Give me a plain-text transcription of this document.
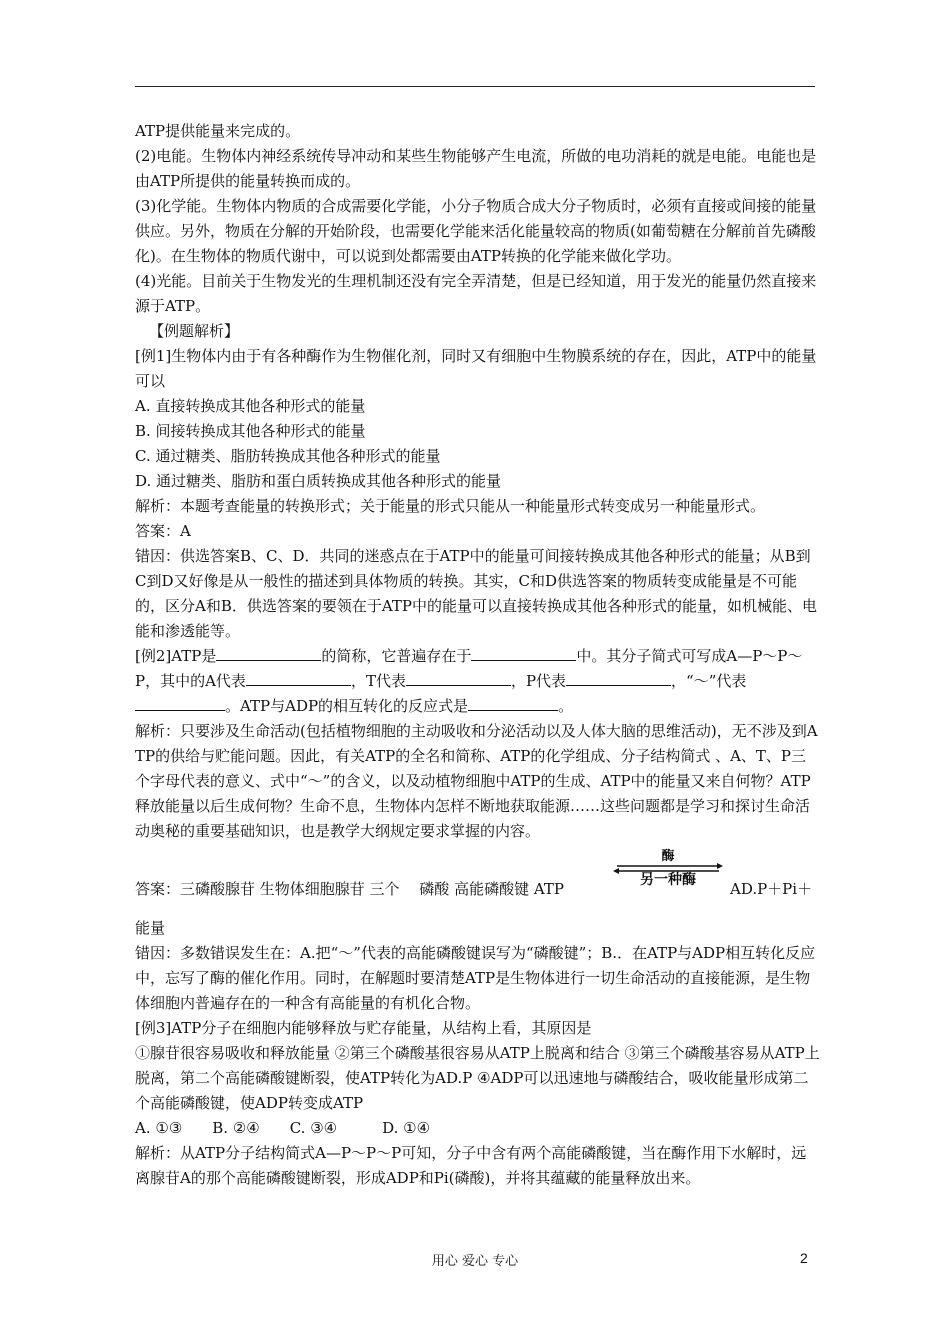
ATP提供能量来完成的。

(2)电能。生物体内神经系统传导冲动和某些生物能够产生电流，所做的电功消耗的就是电能。电能也是由ATP所提供的能量转换而成的。

(3)化学能。生物体内物质的合成需要化学能，小分子物质合成大分子物质时，必须有直接或间接的能量供应。另外，物质在分解的开始阶段，也需要化学能来活化能量较高的物质(如葡萄糖在分解前首先磷酸化)。在生物体的物质代谢中，可以说到处都需要由ATP转换的化学能来做化学功。

(4)光能。目前关于生物发光的生理机制还没有完全弄清楚，但是已经知道，用于发光的能量仍然直接来源于ATP。

【例题解析】

[例1]生物体内由于有各种酶作为生物催化剂，同时又有细胞中生物膜系统的存在，因此，ATP中的能量可以

A. 直接转换成其他各种形式的能量

B. 间接转换成其他各种形式的能量

C. 通过糖类、脂肪转换成其他各种形式的能量

D. 通过糖类、脂肪和蛋白质转换成其他各种形式的能量

解析：本题考查能量的转换形式；关于能量的形式只能从一种能量形式转变成另一种能量形式。

答案：A

错因：供选答案B、C、D．共同的迷惑点在于ATP中的能量可间接转换成其他各种形式的能量；从B到C到D又好像是从一般性的描述到具体物质的转换。其实，C和D供选答案的物质转变成能量是不可能的，区分A和B．供选答案的要领在于ATP中的能量可以直接转换成其他各种形式的能量，如机械能、电能和渗透能等。

[例2]ATP是	的简称，它普遍存在于	中。其分子简式可写成A—P～P～P，其中的A代表	，T代表	，P代表	，“～”代表。ATP与ADP的相互转化的反应式是	。

解析：只要涉及生命活动(包括植物细胞的主动吸收和分泌活动以及人体大脑的思维活动)，无不涉及到ATP的供给与贮能问题。因此，有关ATP的全名和简称、ATP的化学组成、分子结构简式 、A、T、P三个字母代表的意义、式中“～”的含义，以及动植物细胞中ATP的生成、ATP中的能量又来自何物？ATP释放能量以后生成何物？生命不息，生物体内怎样不断地获取能源……这些问题都是学习和探讨生命活动奥秘的重要基础知识，也是教学大纲规定要求掌握的内容。

答案：三磷酸腺苷 生物体细胞腺苷 三个　 磷酸 高能磷酸键 ATP
酶
另一种酶	AD.P＋Pi＋

能量

错因：多数错误发生在：A.把“～”代表的高能磷酸键误写为“磷酸键”；B.．在ATP与ADP相互转化反应中，忘写了酶的催化作用。同时，在解题时要清楚ATP是生物体进行一切生命活动的直接能源，是生物体细胞内普遍存在的一种含有高能量的有机化合物。

[例3]ATP分子在细胞内能够释放与贮存能量，从结构上看，其原因是

①腺苷很容易吸收和释放能量 ②第三个磷酸基很容易从ATP上脱离和结合 ③第三个磷酸基容易从ATP上脱离，第二个高能磷酸键断裂，使ATP转化为AD.P ④ADP可以迅速地与磷酸结合，吸收能量形成第二个高能磷酸键，使ADP转变成ATP

A. ①③　　B. ②④　　C. ③④　　　D. ①④

解析：从ATP分子结构简式A—P～P～P可知，分子中含有两个高能磷酸键，当在酶作用下水解时，远离腺苷A的那个高能磷酸键断裂，形成ADP和Pi(磷酸)，并将其蕴藏的能量释放出来。

用心 爱心 专心	2
